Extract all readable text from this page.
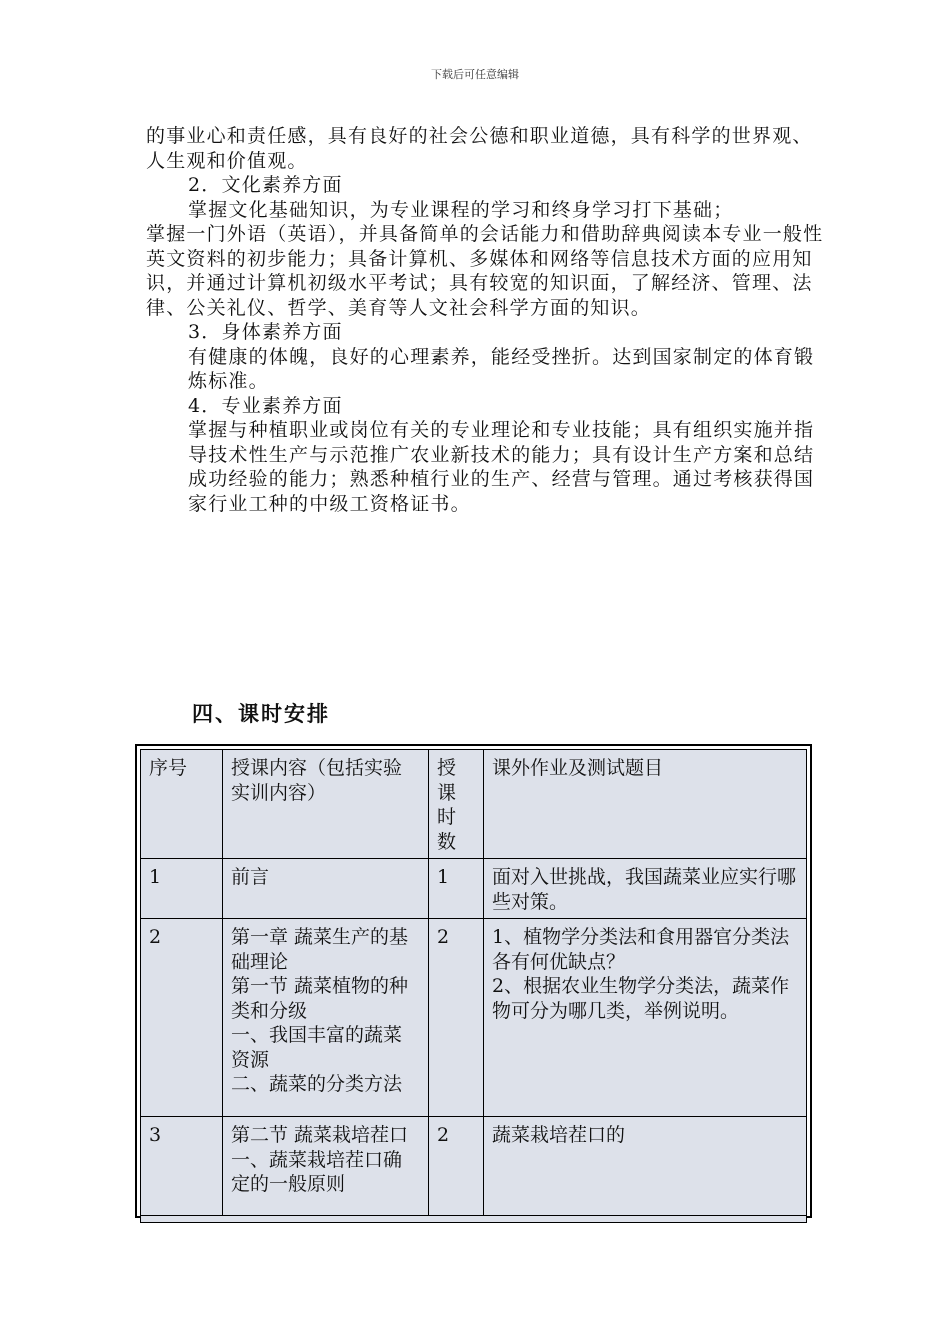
下载后可任意编辑

的事业心和责任感，具有良好的社会公德和职业道德，具有科学的世界观、人生观和价值观。

2．文化素养方面

掌握文化基础知识，为专业课程的学习和终身学习打下基础；

掌握一门外语（英语），并具备简单的会话能力和借助辞典阅读本专业一般性英文资料的初步能力；具备计算机、多媒体和网络等信息技术方面的应用知识，并通过计算机初级水平考试；具有较宽的知识面，了解经济、管理、法律、公关礼仪、哲学、美育等人文社会科学方面的知识。

3．身体素养方面

有健康的体魄，良好的心理素养，能经受挫折。达到国家制定的体育锻炼标准。

4．专业素养方面

掌握与种植职业或岗位有关的专业理论和专业技能；具有组织实施并指导技术性生产与示范推广农业新技术的能力；具有设计生产方案和总结成功经验的能力；熟悉种植行业的生产、经营与管理。通过考核获得国家行业工种的中级工资格证书。

四、课时安排
序号	授课内容（包括实验实训内容）	授
课
时
数	课外作业及测试题目
1	前言	1	面对入世挑战，我国蔬菜业应实行哪些对策。

2	第一章 蔬菜生产的基础理论
第一节 蔬菜植物的种类和分级
一、我国丰富的蔬菜资源
二、蔬菜的分类方法	2	1、植物学分类法和食用器官分类法各有何优缺点？
2、根据农业生物学分类法，蔬菜作物可分为哪几类，举例说明。

3	第二节 蔬菜栽培茬口
一、蔬菜栽培茬口确定的一般原则	2	蔬菜栽培茬口的
